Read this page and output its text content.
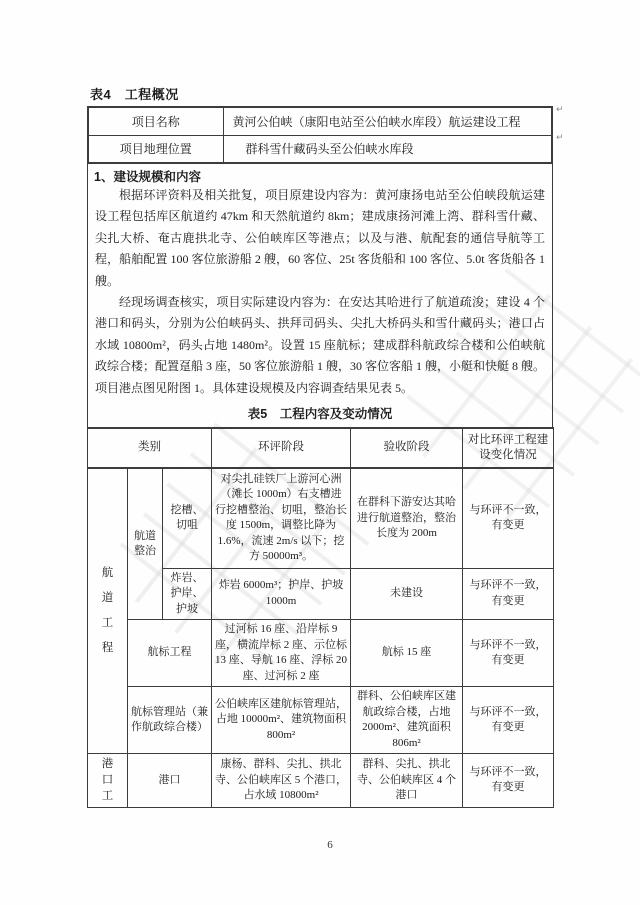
表4　工程概况
↵
↵
项目名称	黄河公伯峡（康阳电站至公伯峡水库段）航运建设工程
项目地理位置	群科雪什藏码头至公伯峡水库段
1、建设规模和内容

根据环评资料及相关批复，项目原建设内容为：黄河康扬电站至公伯峡段航运建设工程包括库区航道约 47km 和天然航道约 8km；建成康扬河滩上湾、群科雪什藏、尖扎大桥、奄古鹿拱北寺、公伯峡库区等港点；以及与港、航配套的通信导航等工程，船舶配置 100 客位旅游船 2 艘，60 客位、25t 客货船和 100 客位、5.0t 客货船各 1 艘。

经现场调查核实，项目实际建设内容为：在安达其哈进行了航道疏浚；建设 4 个港口和码头，分别为公伯峡码头、拱拜司码头、尖扎大桥码头和雪什藏码头；港口占水域 10800m²，码头占地 1480m²。设置 15 座航标；建成群科航政综合楼和公伯峡航政综合楼；配置趸船 3 座，50 客位旅游船 1 艘，30 客位客船 1 艘，小艇和快艇 8 艘。项目港点图见附图 1。具体建设规模及内容调查结果见表 5。

表5　工程内容及变动情况
类别			环评阶段	验收阶段	对比环评工程建设变化情况
航道工程	航道整治	挖槽、切咀	对尖扎硅铁厂上游河心洲（滩长 1000m）右支槽进行挖槽整治、切咀，整治长度 1500m，调整比降为 1.6%，流速 2m/s 以下；挖方 50000m³。	在群科下游安达其哈进行航道整治，整治长度为 200m	与环评不一致，有变更
		炸岩、护岸、护坡	炸岩 6000m³；护岸、护坡 1000m	未建设	与环评不一致，有变更
	航标工程		过河标 16 座、沿岸标 9 座，横流岸标 2 座、示位标 13 座、导航 16 座、浮标 20 座、过河标 2 座	航标 15 座	与环评不一致，有变更
	航标管理站（兼作航政综合楼）		公伯峡库区建航标管理站，占地 10000m²、建筑物面积 800m²	群科、公伯峡库区建航政综合楼，占地 2000m²、建筑面积 806m²	与环评不一致，有变更
港口工	港口		康杨、群科、尖扎、拱北寺、公伯峡库区 5 个港口，占水域 10800m²	群科、尖扎、拱北寺、公伯峡库区 4 个港口	与环评不一致，有变更
6
